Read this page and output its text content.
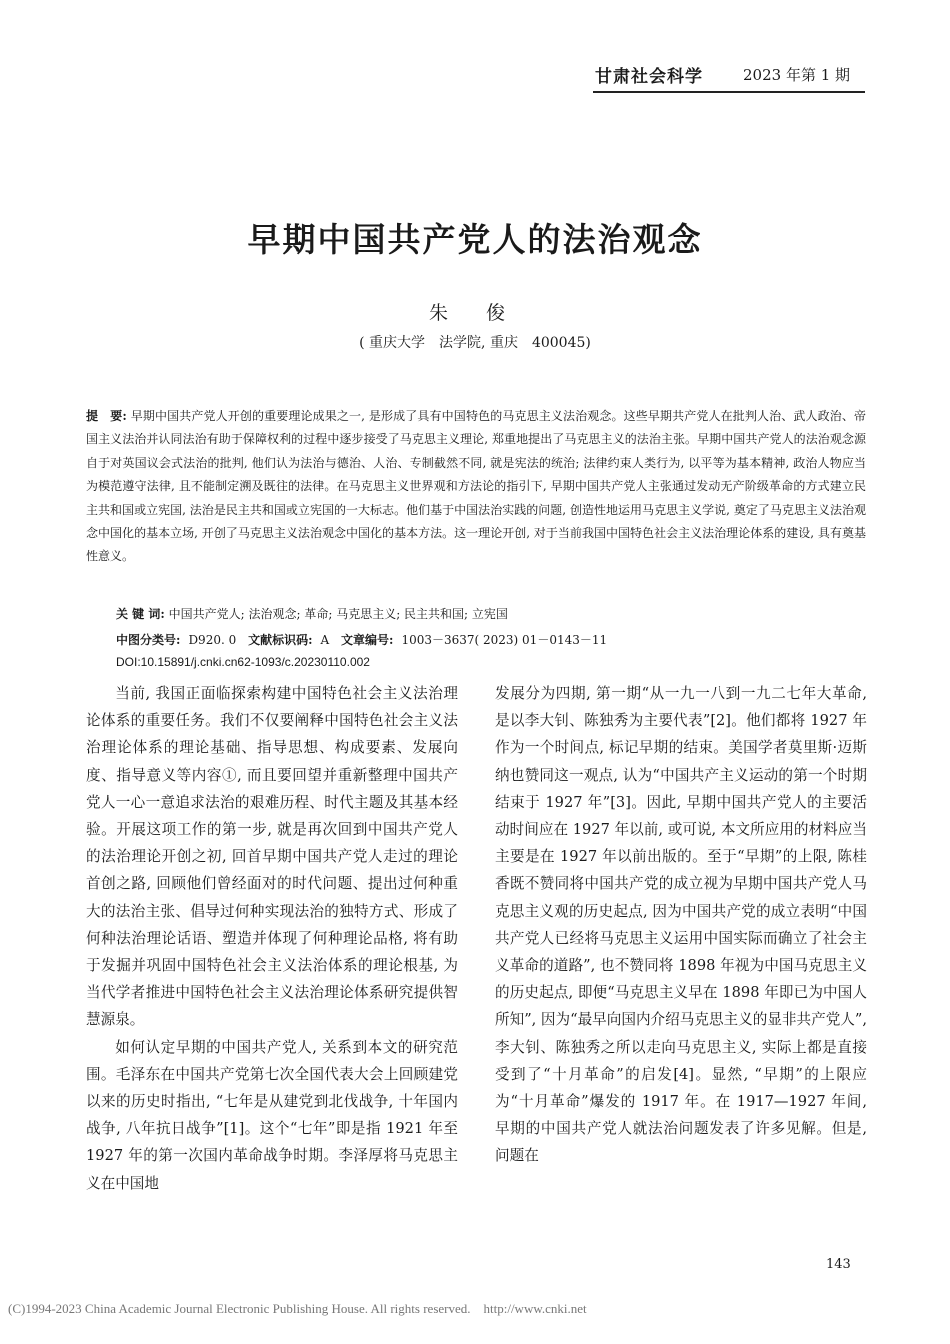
甘肃社会科学	2023 年第 1 期
早期中国共产党人的法治观念
朱 俊
( 重庆大学　法学院, 重庆　400045)
提　要: 早期中国共产党人开创的重要理论成果之一, 是形成了具有中国特色的马克思主义法治观念。这些早期共产党人在批判人治、武人政治、帝国主义法治并认同法治有助于保障权利的过程中逐步接受了马克思主义理论, 郑重地提出了马克思主义的法治主张。早期中国共产党人的法治观念源自于对英国议会式法治的批判, 他们认为法治与德治、人治、专制截然不同, 就是宪法的统治; 法律约束人类行为, 以平等为基本精神, 政治人物应当为模范遵守法律, 且不能制定溯及既往的法律。在马克思主义世界观和方法论的指引下, 早期中国共产党人主张通过发动无产阶级革命的方式建立民主共和国或立宪国, 法治是民主共和国或立宪国的一大标志。他们基于中国法治实践的问题, 创造性地运用马克思主义学说, 奠定了马克思主义法治观念中国化的基本立场, 开创了马克思主义法治观念中国化的基本方法。这一理论开创, 对于当前我国中国特色社会主义法治理论体系的建设, 具有奠基性意义。
关 键 词: 中国共产党人; 法治观念; 革命; 马克思主义; 民主共和国; 立宪国
中图分类号: D920. 0 文献标识码: A 文章编号: 1003－3637( 2023) 01－0143－11
DOI:10.15891/j.cnki.cn62-1093/c.20230110.002

当前, 我国正面临探索构建中国特色社会主义法治理论体系的重要任务。我们不仅要阐释中国特色社会主义法治理论体系的理论基础、指导思想、构成要素、发展向度、指导意义等内容①, 而且要回望并重新整理中国共产党人一心一意追求法治的艰难历程、时代主题及其基本经验。开展这项工作的第一步, 就是再次回到中国共产党人的法治理论开创之初, 回首早期中国共产党人走过的理论首创之路, 回顾他们曾经面对的时代问题、提出过何种重大的法治主张、倡导过何种实现法治的独特方式、形成了何种法治理论话语、塑造并体现了何种理论品格, 将有助于发掘并巩固中国特色社会主义法治体系的理论根基, 为当代学者推进中国特色社会主义法治理论体系研究提供智慧源泉。

如何认定早期的中国共产党人, 关系到本文的研究范围。毛泽东在中国共产党第七次全国代表大会上回顾建党以来的历史时指出, “七年是从建党到北伐战争, 十年国内战争, 八年抗日战争”[1]。这个“七年”即是指 1921 年至 1927 年的第一次国内革命战争时期。李泽厚将马克思主义在中国地

发展分为四期, 第一期“从一九一八到一九二七年大革命, 是以李大钊、陈独秀为主要代表”[2]。他们都将 1927 年作为一个时间点, 标记早期的结束。美国学者莫里斯·迈斯纳也赞同这一观点, 认为“中国共产主义运动的第一个时期结束于 1927 年”[3]。因此, 早期中国共产党人的主要活动时间应在 1927 年以前, 或可说, 本文所应用的材料应当主要是在 1927 年以前出版的。至于“早期”的上限, 陈桂香既不赞同将中国共产党的成立视为早期中国共产党人马克思主义观的历史起点, 因为中国共产党的成立表明“中国共产党人已经将马克思主义运用中国实际而确立了社会主义革命的道路”, 也不赞同将 1898 年视为中国马克思主义的历史起点, 即便“马克思主义早在 1898 年即已为中国人所知”, 因为“最早向国内介绍马克思主义的显非共产党人”, 李大钊、陈独秀之所以走向马克思主义, 实际上都是直接受到了“十月革命”的启发[4]。显然, “早期”的上限应为“十月革命”爆发的 1917 年。在 1917—1927 年间, 早期的中国共产党人就法治问题发表了许多见解。但是, 问题在

143
(C)1994-2023 China Academic Journal Electronic Publishing House. All rights reserved.　http://www.cnki.net
